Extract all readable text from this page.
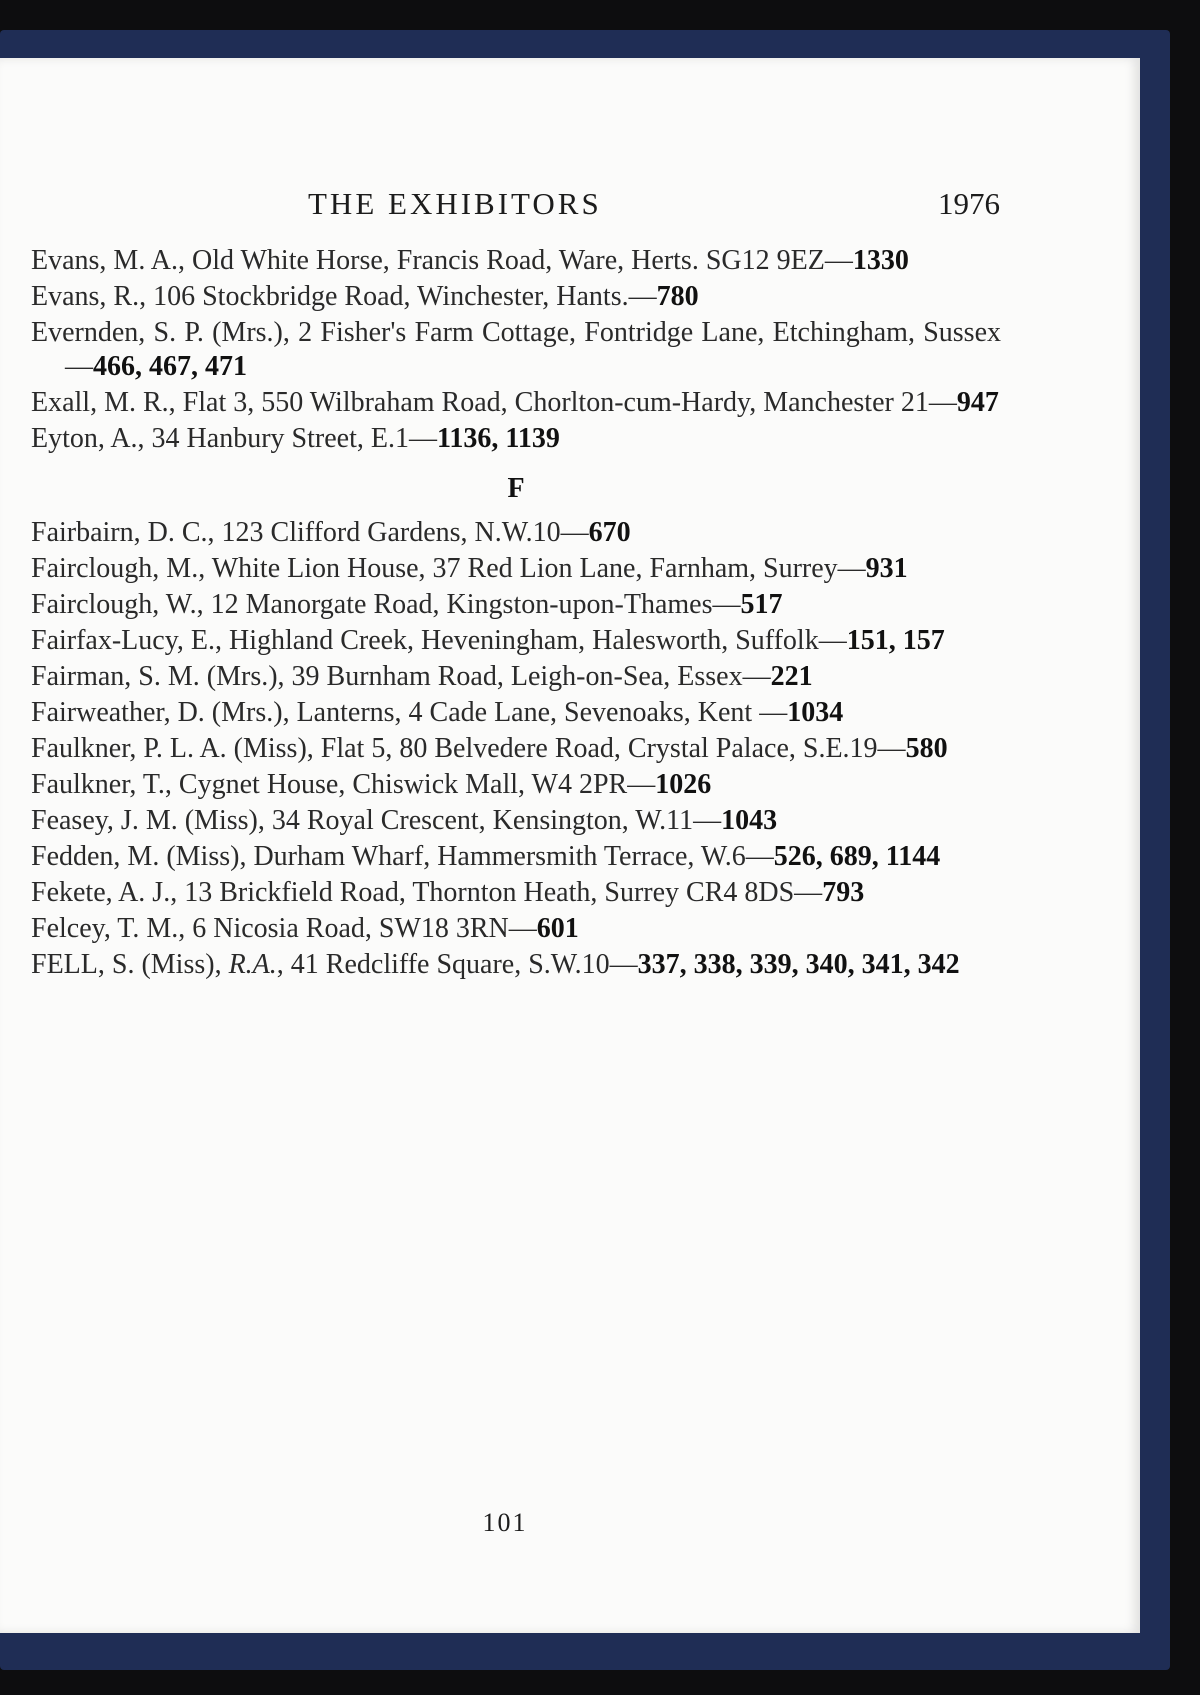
THE EXHIBITORS	1976
Evans, M. A., Old White Horse, Francis Road, Ware, Herts. SG12 9EZ—1330
Evans, R., 106 Stockbridge Road, Winchester, Hants.—780
Evernden, S. P. (Mrs.), 2 Fisher's Farm Cottage, Fontridge Lane, Etchingham, Sussex—466, 467, 471
Exall, M. R., Flat 3, 550 Wilbraham Road, Chorlton-cum-Hardy, Manchester 21—947
Eyton, A., 34 Hanbury Street, E.1—1136, 1139
F
Fairbairn, D. C., 123 Clifford Gardens, N.W.10—670
Fairclough, M., White Lion House, 37 Red Lion Lane, Farnham, Surrey—931
Fairclough, W., 12 Manorgate Road, Kingston-upon-Thames—517
Fairfax-Lucy, E., Highland Creek, Heveningham, Halesworth, Suffolk—151, 157
Fairman, S. M. (Mrs.), 39 Burnham Road, Leigh-on-Sea, Essex—221
Fairweather, D. (Mrs.), Lanterns, 4 Cade Lane, Sevenoaks, Kent —1034
Faulkner, P. L. A. (Miss), Flat 5, 80 Belvedere Road, Crystal Palace, S.E.19—580
Faulkner, T., Cygnet House, Chiswick Mall, W4 2PR—1026
Feasey, J. M. (Miss), 34 Royal Crescent, Kensington, W.11—1043
Fedden, M. (Miss), Durham Wharf, Hammersmith Terrace, W.6—526, 689, 1144
Fekete, A. J., 13 Brickfield Road, Thornton Heath, Surrey CR4 8DS—793
Felcey, T. M., 6 Nicosia Road, SW18 3RN—601
FELL, S. (Miss), R.A., 41 Redcliffe Square, S.W.10—337, 338, 339, 340, 341, 342
101
